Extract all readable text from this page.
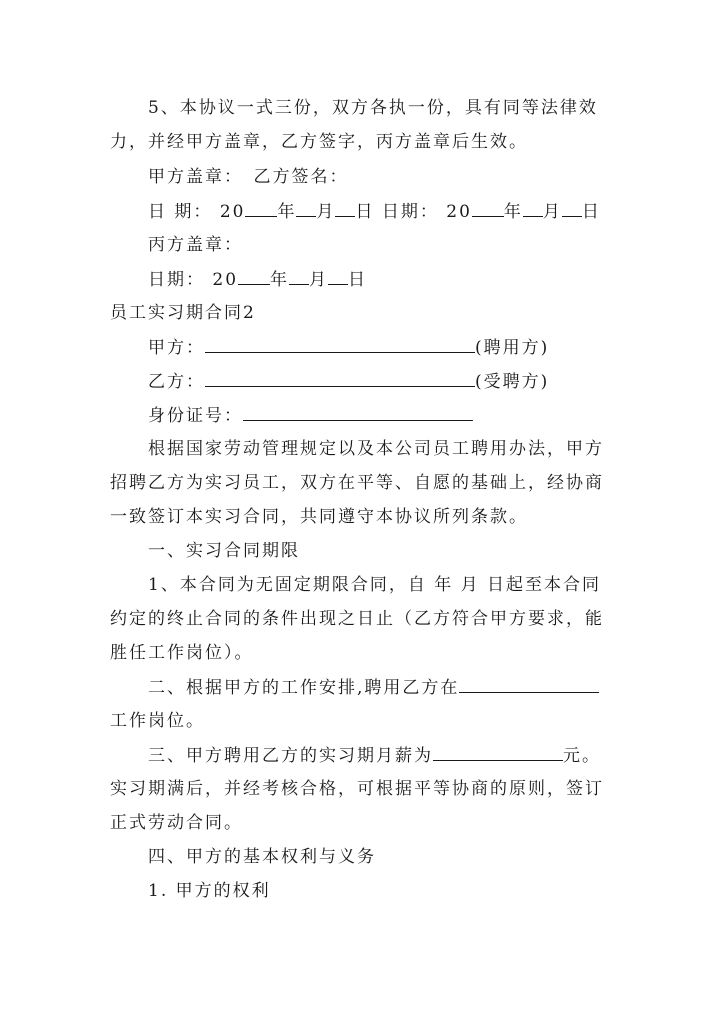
5、本协议一式三份，双方各执一份，具有同等法律效
力，并经甲方盖章，乙方签字，丙方盖章后生效。
甲方盖章：　乙方签名：
日 期： 20 年 月 日 日期： 20 年 月 日
丙方盖章：
日期： 20 年 月 日
员工实习期合同2
甲方：	(聘用方)
乙方：	(受聘方)
身份证号：
根据国家劳动管理规定以及本公司员工聘用办法，甲方
招聘乙方为实习员工，双方在平等、自愿的基础上，经协商
一致签订本实习合同，共同遵守本协议所列条款。
一、实习合同期限
1、本合同为无固定期限合同，自 年 月 日起至本合同
约定的终止合同的条件出现之日止（乙方符合甲方要求，能
胜任工作岗位）。
二、根据甲方的工作安排,聘用乙方在
工作岗位。
三、甲方聘用乙方的实习期月薪为	元。
实习期满后，并经考核合格，可根据平等协商的原则，签订
正式劳动合同。
四、甲方的基本权利与义务
1. 甲方的权利
